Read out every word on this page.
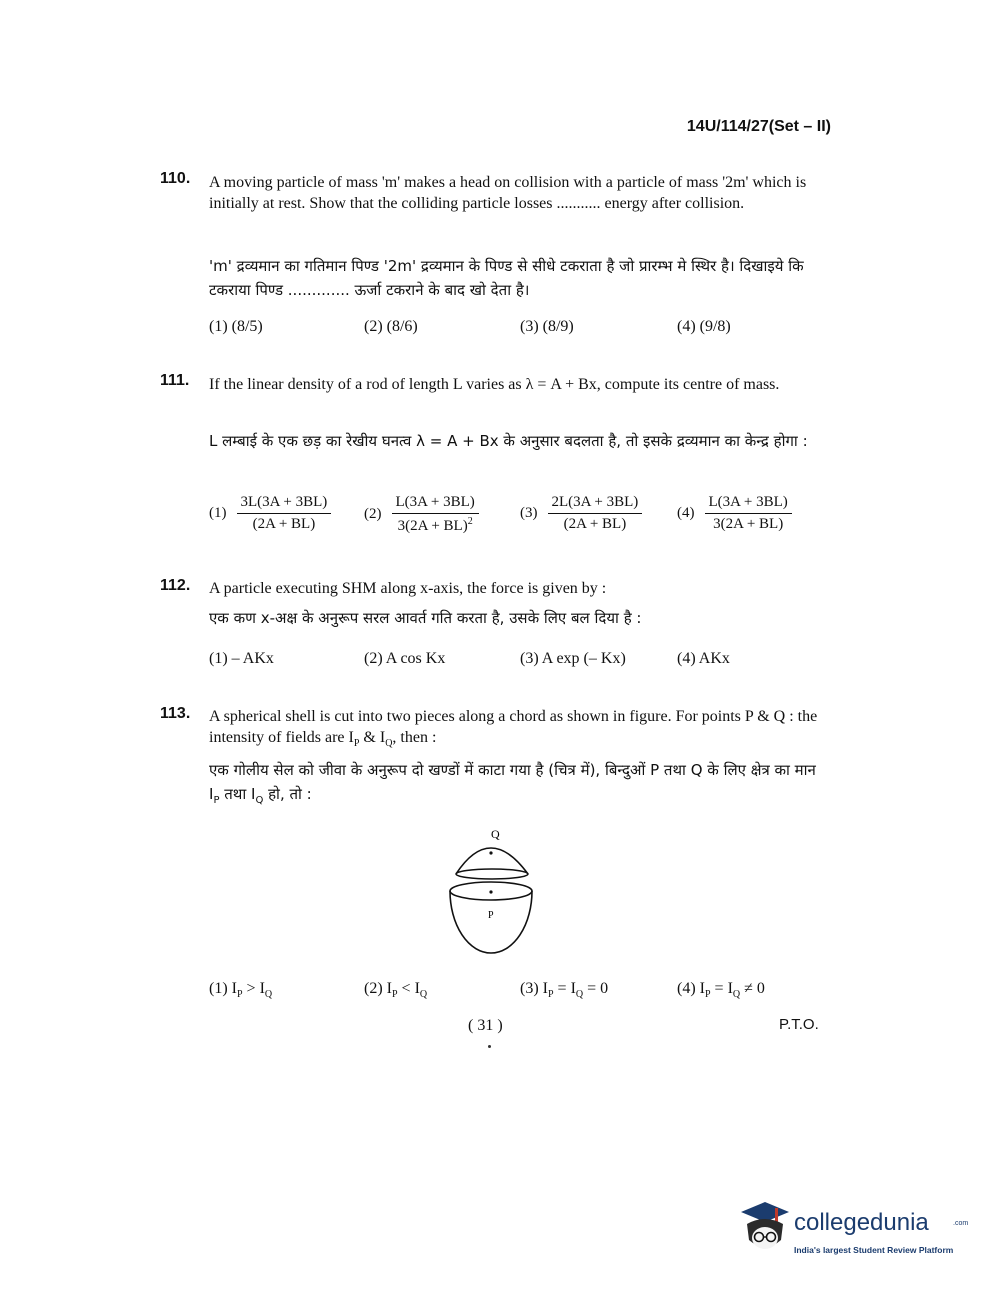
14U/114/27(Set – II)
110. A moving particle of mass 'm' makes a head on collision with a particle of mass '2m' which is initially at rest. Show that the colliding particle losses ........... energy after collision.
'm' द्रव्यमान का गतिमान पिण्ड '2m' द्रव्यमान के पिण्ड से सीधे टकराता है जो प्रारम्भ मे स्थिर है। दिखाइये कि टकराया पिण्ड ............. ऊर्जा टकराने के बाद खो देता है।
(1) (8/5)	(2) (8/6)	(3) (8/9)	(4) (9/8)
111. If the linear density of a rod of length L varies as λ = A + Bx, compute its centre of mass.
L लम्बाई के एक छड़ का रेखीय घनत्व λ = A + Bx के अनुसार बदलता है, तो इसके द्रव्यमान का केन्द्र होगा :
$(1) \frac{3L(3A + 3BL)}{(2A + BL)} (2) \frac{L(3A + 3BL)}{3(2A + BL)^2}$	$(3) \frac{2L(3A + 3BL)}{(2A + BL)} (4) \frac{L(3A + 3BL)}{3(2A + BL)}$
112. A particle executing SHM along x-axis, the force is given by :
एक कण x-अक्ष के अनुरूप सरल आवर्त गति करता है, उसके लिए बल दिया है :
(1) – AKx	(2) A cos Kx	(3) A exp (– Kx)	(4) AKx
113. A spherical shell is cut into two pieces along a chord as shown in figure. For points P & Q : the intensity of fields are $I_P$ & $I_Q$, then :
एक गोलीय सेल को जीवा के अनुरूप दो खण्डों में काटा गया है (चित्र में), बिन्दुओं P तथा Q के लिए क्षेत्र का मान $I_P$ तथा $I_Q$ हो, तो :
Q
P
(1) $I_P > I_Q$	(2) $I_P < I_Q$	(3) $I_P = I_Q = 0$	(4) $I_P = I_Q \ne 0$
( 31 )	P.T.O.
collegedunia	.com
India's largest Student Review Platform
